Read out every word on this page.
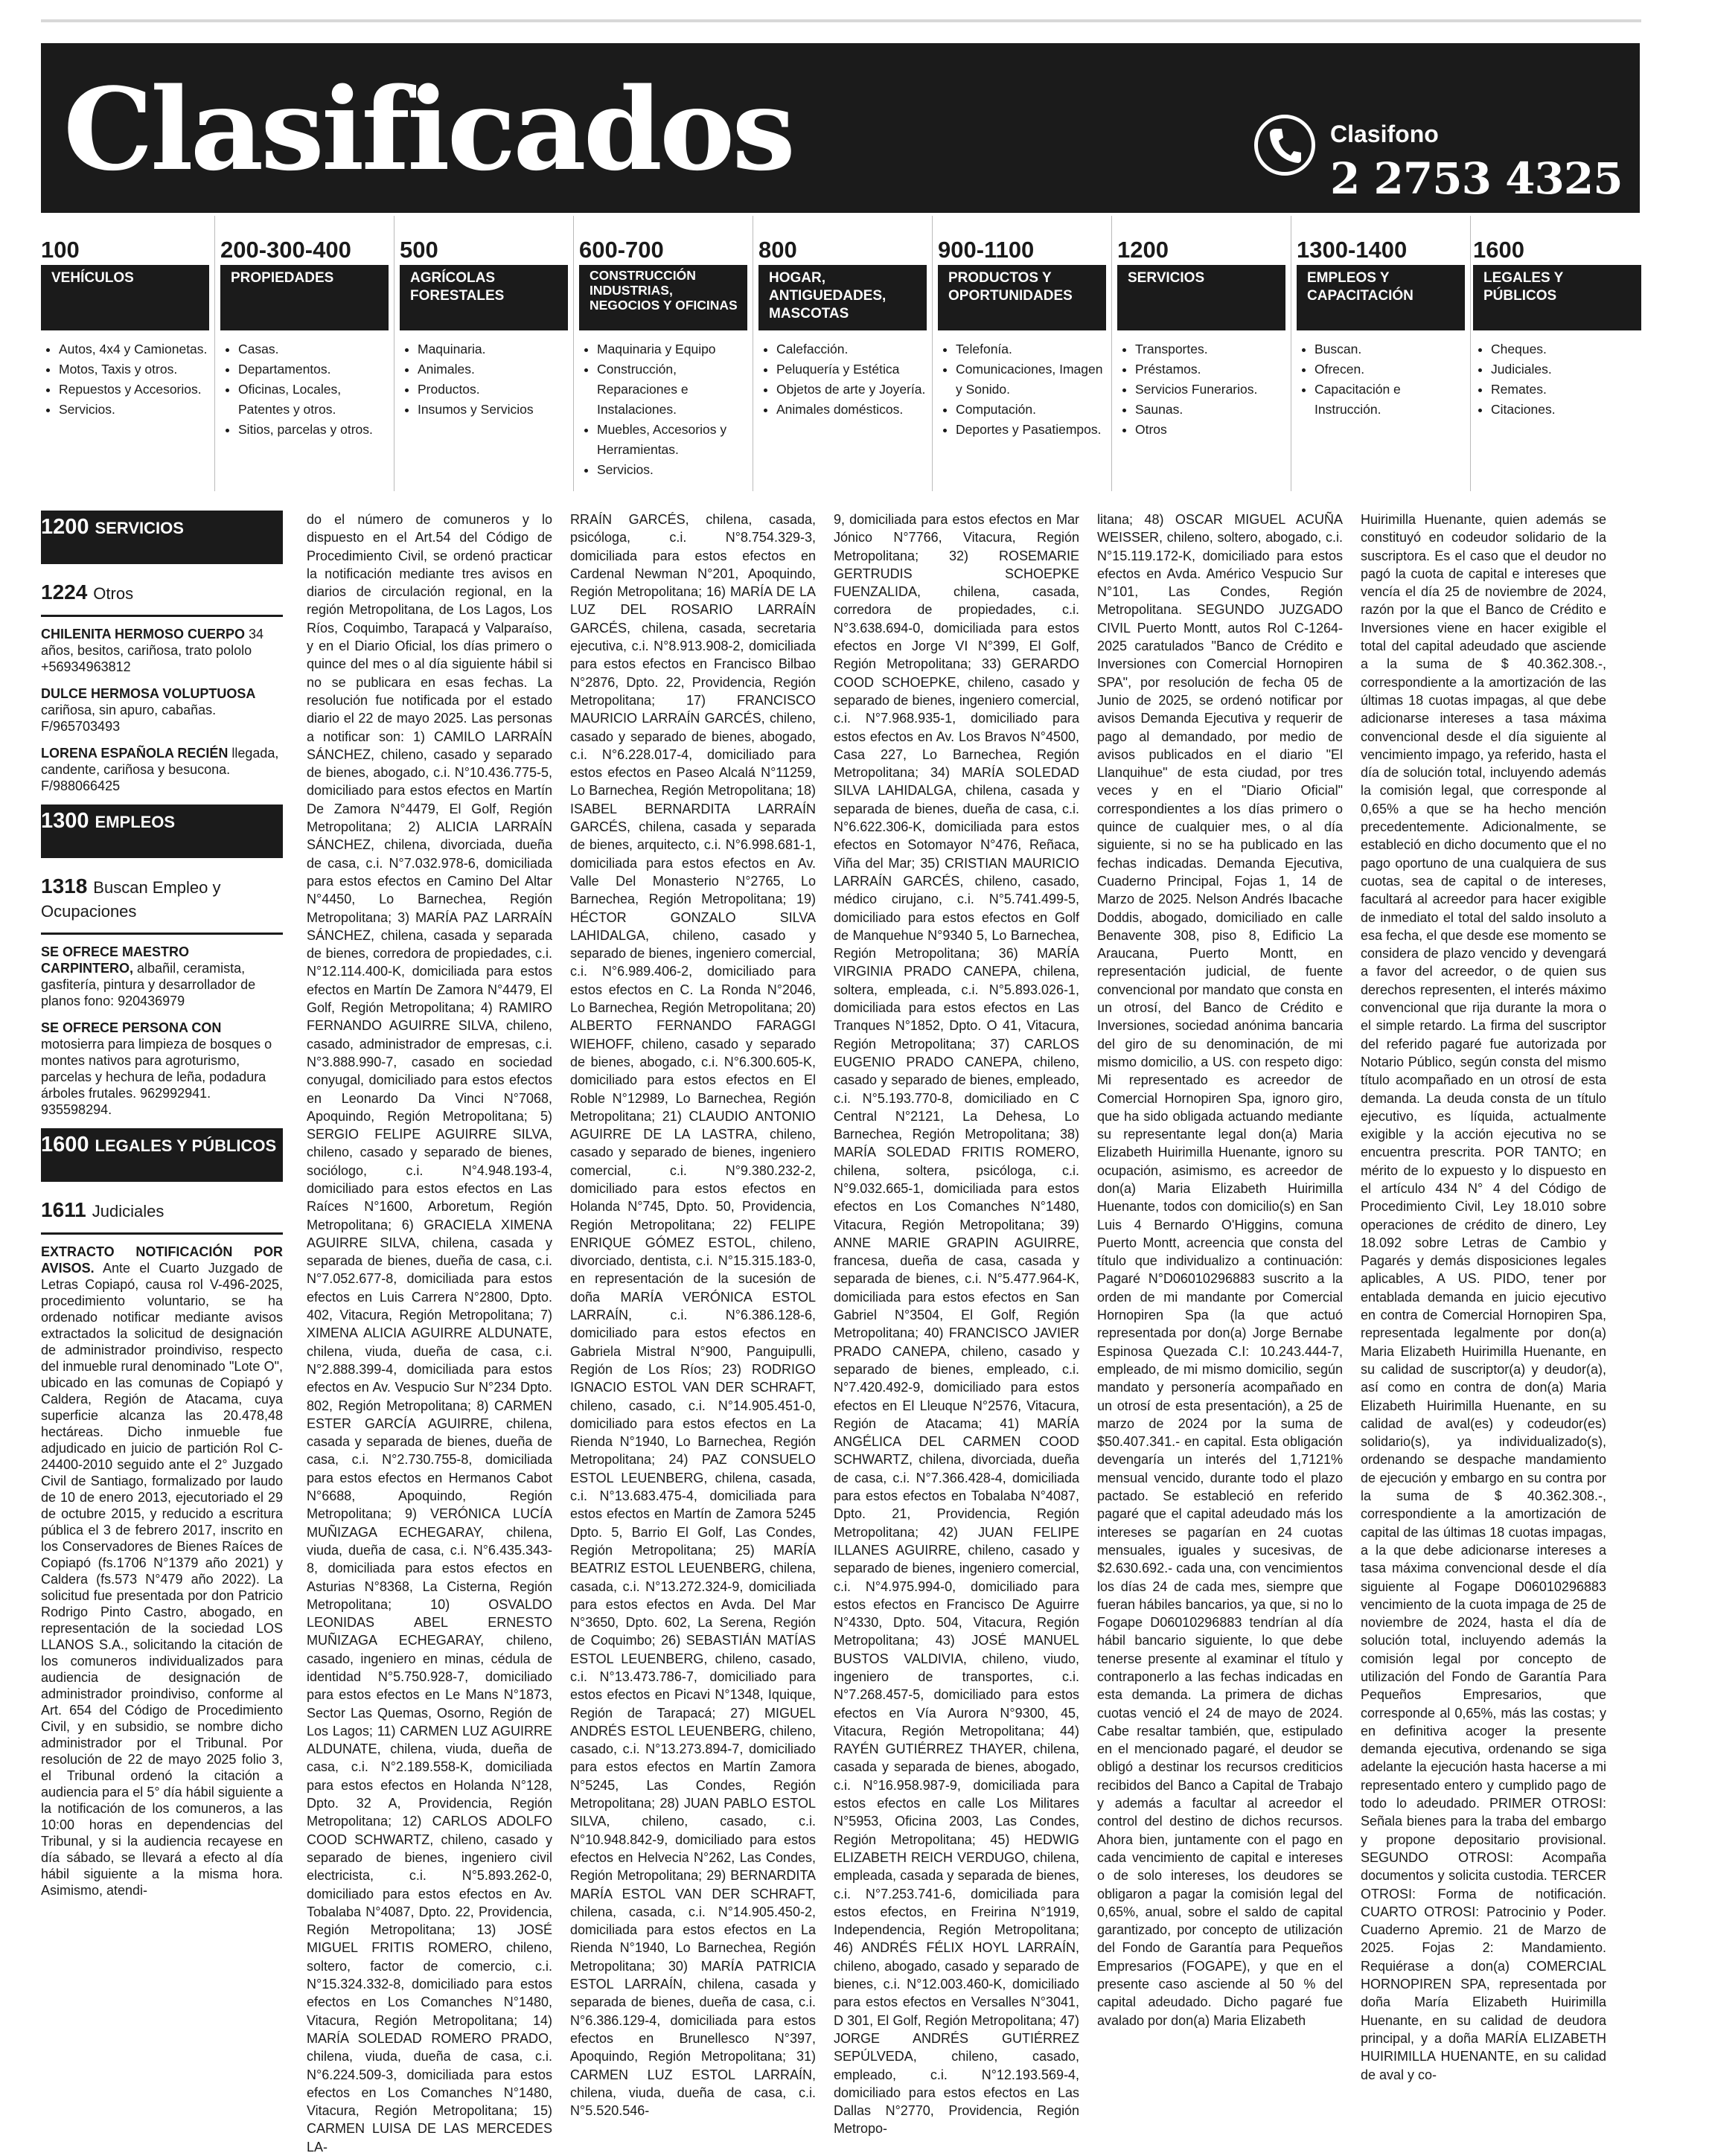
Clasificados	Clasifono
2 2753 4325
100
VEHÍCULOS
• Autos, 4x4 y Camionetas.
• Motos, Taxis y otros.
• Repuestos y Accesorios.
• Servicios.
200-300-400
PROPIEDADES
• Casas.
• Departamentos.
• Oficinas, Locales, Patentes y otros.
• Sitios, parcelas y otros.
500
AGRÍCOLAS FORESTALES
• Maquinaria.
• Animales.
• Productos.
• Insumos y Servicios
600-700
CONSTRUCCIÓN INDUSTRIAS, NEGOCIOS Y OFICINAS
• Maquinaria y Equipo
• Construcción, Reparaciones e Instalaciones.
• Muebles, Accesorios y Herramientas.
• Servicios.
800
HOGAR, ANTIGUEDADES, MASCOTAS
• Calefacción.
• Peluquería y Estética
• Objetos de arte y Joyería.
• Animales domésticos.
900-1100
PRODUCTOS Y OPORTUNIDADES
• Telefonía.
• Comunicaciones, Imagen y Sonido.
• Computación.
• Deportes y Pasatiempos.
1200
SERVICIOS
• Transportes.
• Préstamos.
• Servicios Funerarios.
• Saunas.
• Otros
1300-1400
EMPLEOS Y CAPACITACIÓN
• Buscan.
• Ofrecen.
• Capacitación e Instrucción.
1600
LEGALES Y PÚBLICOS
• Cheques.
• Judiciales.
• Remates.
• Citaciones.
1200 SERVICIOS
1224 Otros
CHILENITA HERMOSO CUERPO 34 años, besitos, cariñosa, trato pololo +56934963812
DULCE HERMOSA VOLUPTUOSA cariñosa, sin apuro, cabañas. F/965703493
LORENA ESPAÑOLA RECIÉN llegada, candente, cariñosa y besucona. F/988066425
1300 EMPLEOS
1318 Buscan Empleo y Ocupaciones
SE OFRECE MAESTRO CARPINTERO, albañil, ceramista, gasfitería, pintura y desarrollador de planos fono: 920436979
SE OFRECE PERSONA CON motosierra para limpieza de bosques o montes nativos para agroturismo, parcelas y hechura de leña, podadura árboles frutales. 962992941. 935598294.
1600 LEGALES Y PÚBLICOS
1611 Judiciales
EXTRACTO NOTIFICACIÓN POR AVISOS. Ante el Cuarto Juzgado de Letras Copiapó, causa rol V-496-2025, procedimiento voluntario, se ha ordenado notificar mediante avisos extractados la solicitud de designación de administrador proindiviso, respecto del inmueble rural denominado "Lote O", ubicado en las comunas de Copiapó y Caldera, Región de Atacama, cuya superficie alcanza las 20.478,48 hectáreas. Dicho inmueble fue adjudicado en juicio de partición Rol C-24400-2010 seguido ante el 2° Juzgado Civil de Santiago, formalizado por laudo de 10 de enero 2013, ejecutoriado el 29 de octubre 2015, y reducido a escritura pública el 3 de febrero 2017, inscrito en los Conservadores de Bienes Raíces de Copiapó (fs.1706 N°1379 año 2021) y Caldera (fs.573 N°479 año 2022). La solicitud fue presentada por don Patricio Rodrigo Pinto Castro, abogado, en representación de la sociedad LOS LLANOS S.A., solicitando la citación de los comuneros individualizados para audiencia de designación de administrador proindiviso, conforme al Art. 654 del Código de Procedimiento Civil, y en subsidio, se nombre dicho administrador por el Tribunal. Por resolución de 22 de mayo 2025 folio 3, el Tribunal ordenó la citación a audiencia para el 5° día hábil siguiente a la notificación de los comuneros, a las 10:00 horas en dependencias del Tribunal, y si la audiencia recayese en día sábado, se llevará a efecto al día hábil siguiente a la misma hora. Asimismo, atendi-

do el número de comuneros y lo dispuesto en el Art.54 del Código de Procedimiento Civil, se ordenó practicar la notificación mediante tres avisos en diarios de circulación regional, en la región Metropolitana, de Los Lagos, Los Ríos, Coquimbo, Tarapacá y Valparaíso, y en el Diario Oficial, los días primero o quince del mes o al día siguiente hábil si no se publicara en esas fechas. La resolución fue notificada por el estado diario el 22 de mayo 2025. Las personas a notificar son: 1) CAMILO LARRAÍN SÁNCHEZ, chileno, casado y separado de bienes, abogado, c.i. N°10.436.775-5, domiciliado para estos efectos en Martín De Zamora N°4479, El Golf, Región Metropolitana; 2) ALICIA LARRAÍN SÁNCHEZ, chilena, divorciada, dueña de casa, c.i. N°7.032.978-6, domiciliada para estos efectos en Camino Del Altar N°4450, Lo Barnechea, Región Metropolitana; 3) MARÍA PAZ LARRAÍN SÁNCHEZ, chilena, casada y separada de bienes, corredora de propiedades, c.i. N°12.114.400-K, domiciliada para estos efectos en Martín De Zamora N°4479, El Golf, Región Metropolitana; 4) RAMIRO FERNANDO AGUIRRE SILVA, chileno, casado, administrador de empresas, c.i. N°3.888.990-7, casado en sociedad conyugal, domiciliado para estos efectos en Leonardo Da Vinci N°7068, Apoquindo, Región Metropolitana; 5) SERGIO FELIPE AGUIRRE SILVA, chileno, casado y separado de bienes, sociólogo, c.i. N°4.948.193-4, domiciliado para estos efectos en Las Raíces N°1600, Arboretum, Región Metropolitana; 6) GRACIELA XIMENA AGUIRRE SILVA, chilena, casada y separada de bienes, dueña de casa, c.i. N°7.052.677-8, domiciliada para estos efectos en Luis Carrera N°2800, Dpto. 402, Vitacura, Región Metropolitana; 7) XIMENA ALICIA AGUIRRE ALDUNATE, chilena, viuda, dueña de casa, c.i. N°2.888.399-4, domiciliada para estos efectos en Av. Vespucio Sur N°234 Dpto. 802, Región Metropolitana; 8) CARMEN ESTER GARCÍA AGUIRRE, chilena, casada y separada de bienes, dueña de casa, c.i. N°2.730.755-8, domiciliada para estos efectos en Hermanos Cabot N°6688, Apoquindo, Región Metropolitana; 9) VERÓNICA LUCÍA MUÑIZAGA ECHEGARAY, chilena, viuda, dueña de casa, c.i. N°6.435.343-8, domiciliada para estos efectos en Asturias N°8368, La Cisterna, Región Metropolitana; 10) OSVALDO LEONIDAS ABEL ERNESTO MUÑIZAGA ECHEGARAY, chileno, casado, ingeniero en minas, cédula de identidad N°5.750.928-7, domiciliado para estos efectos en Le Mans N°1873, Sector Las Quemas, Osorno, Región de Los Lagos; 11) CARMEN LUZ AGUIRRE ALDUNATE, chilena, viuda, dueña de casa, c.i. N°2.189.558-K, domiciliada para estos efectos en Holanda N°128, Dpto. 32 A, Providencia, Región Metropolitana; 12) CARLOS ADOLFO COOD SCHWARTZ, chileno, casado y separado de bienes, ingeniero civil electricista, c.i. N°5.893.262-0, domiciliado para estos efectos en Av. Tobalaba N°4087, Dpto. 22, Providencia, Región Metropolitana; 13) JOSÉ MIGUEL FRITIS ROMERO, chileno, soltero, factor de comercio, c.i. N°15.324.332-8, domiciliado para estos efectos en Los Comanches N°1480, Vitacura, Región Metropolitana; 14) MARÍA SOLEDAD ROMERO PRADO, chilena, viuda, dueña de casa, c.i. N°6.224.509-3, domiciliada para estos efectos en Los Comanches N°1480, Vitacura, Región Metropolitana; 15) CARMEN LUISA DE LAS MERCEDES LA-

RRAÍN GARCÉS, chilena, casada, psicóloga, c.i. N°8.754.329-3, domiciliada para estos efectos en Cardenal Newman N°201, Apoquindo, Región Metropolitana; 16) MARÍA DE LA LUZ DEL ROSARIO LARRAÍN GARCÉS, chilena, casada, secretaria ejecutiva, c.i. N°8.913.908-2, domiciliada para estos efectos en Francisco Bilbao N°2876, Dpto. 22, Providencia, Región Metropolitana; 17) FRANCISCO MAURICIO LARRAÍN GARCÉS, chileno, casado y separado de bienes, abogado, c.i. N°6.228.017-4, domiciliado para estos efectos en Paseo Alcalá N°11259, Lo Barnechea, Región Metropolitana; 18) ISABEL BERNARDITA LARRAÍN GARCÉS, chilena, casada y separada de bienes, arquitecto, c.i. N°6.998.681-1, domiciliada para estos efectos en Av. Valle Del Monasterio N°2765, Lo Barnechea, Región Metropolitana; 19) HÉCTOR GONZALO SILVA LAHIDALGA, chileno, casado y separado de bienes, ingeniero comercial, c.i. N°6.989.406-2, domiciliado para estos efectos en C. La Ronda N°2046, Lo Barnechea, Región Metropolitana; 20) ALBERTO FERNANDO FARAGGI WIEHOFF, chileno, casado y separado de bienes, abogado, c.i. N°6.300.605-K, domiciliado para estos efectos en El Roble N°12989, Lo Barnechea, Región Metropolitana; 21) CLAUDIO ANTONIO AGUIRRE DE LA LASTRA, chileno, casado y separado de bienes, ingeniero comercial, c.i. N°9.380.232-2, domiciliado para estos efectos en Holanda N°745, Dpto. 50, Providencia, Región Metropolitana; 22) FELIPE ENRIQUE GÓMEZ ESTOL, chileno, divorciado, dentista, c.i. N°15.315.183-0, en representación de la sucesión de doña MARÍA VERÓNICA ESTOL LARRAÍN, c.i. N°6.386.128-6, domiciliado para estos efectos en Gabriela Mistral N°900, Panguipulli, Región de Los Ríos; 23) RODRIGO IGNACIO ESTOL VAN DER SCHRAFT, chileno, casado, c.i. N°14.905.451-0, domiciliado para estos efectos en La Rienda N°1940, Lo Barnechea, Región Metropolitana; 24) PAZ CONSUELO ESTOL LEUENBERG, chilena, casada, c.i. N°13.683.475-4, domiciliada para estos efectos en Martín de Zamora 5245 Dpto. 5, Barrio El Golf, Las Condes, Región Metropolitana; 25) MARÍA BEATRIZ ESTOL LEUENBERG, chilena, casada, c.i. N°13.272.324-9, domiciliada para estos efectos en Avda. Del Mar N°3650, Dpto. 602, La Serena, Región de Coquimbo; 26) SEBASTIÁN MATÍAS ESTOL LEUENBERG, chileno, casado, c.i. N°13.473.786-7, domiciliado para estos efectos en Picavi N°1348, Iquique, Región de Tarapacá; 27) MIGUEL ANDRÉS ESTOL LEUENBERG, chileno, casado, c.i. N°13.273.894-7, domiciliado para estos efectos en Martín Zamora N°5245, Las Condes, Región Metropolitana; 28) JUAN PABLO ESTOL SILVA, chileno, casado, c.i. N°10.948.842-9, domiciliado para estos efectos en Helvecia N°262, Las Condes, Región Metropolitana; 29) BERNARDITA MARÍA ESTOL VAN DER SCHRAFT, chilena, casada, c.i. N°14.905.450-2, domiciliada para estos efectos en La Rienda N°1940, Lo Barnechea, Región Metropolitana; 30) MARÍA PATRICIA ESTOL LARRAÍN, chilena, casada y separada de bienes, dueña de casa, c.i. N°6.386.129-4, domiciliada para estos efectos en Brunellesco N°397, Apoquindo, Región Metropolitana; 31) CARMEN LUZ ESTOL LARRAÍN, chilena, viuda, dueña de casa, c.i. N°5.520.546-

9, domiciliada para estos efectos en Mar Jónico N°7766, Vitacura, Región Metropolitana; 32) ROSEMARIE GERTRUDIS SCHOEPKE FUENZALIDA, chilena, casada, corredora de propiedades, c.i. N°3.638.694-0, domiciliada para estos efectos en Jorge VI N°399, El Golf, Región Metropolitana; 33) GERARDO COOD SCHOEPKE, chileno, casado y separado de bienes, ingeniero comercial, c.i. N°7.968.935-1, domiciliado para estos efectos en Av. Los Bravos N°4500, Casa 227, Lo Barnechea, Región Metropolitana; 34) MARÍA SOLEDAD SILVA LAHIDALGA, chilena, casada y separada de bienes, dueña de casa, c.i. N°6.622.306-K, domiciliada para estos efectos en Sotomayor N°476, Reñaca, Viña del Mar; 35) CRISTIAN MAURICIO LARRAÍN GARCÉS, chileno, casado, médico cirujano, c.i. N°5.741.499-5, domiciliado para estos efectos en Golf de Manquehue N°9340 5, Lo Barnechea, Región Metropolitana; 36) MARÍA VIRGINIA PRADO CANEPA, chilena, soltera, empleada, c.i. N°5.893.026-1, domiciliada para estos efectos en Las Tranques N°1852, Dpto. O 41, Vitacura, Región Metropolitana; 37) CARLOS EUGENIO PRADO CANEPA, chileno, casado y separado de bienes, empleado, c.i. N°5.193.770-8, domiciliado en C Central N°2121, La Dehesa, Lo Barnechea, Región Metropolitana; 38) MARÍA SOLEDAD FRITIS ROMERO, chilena, soltera, psicóloga, c.i. N°9.032.665-1, domiciliada para estos efectos en Los Comanches N°1480, Vitacura, Región Metropolitana; 39) ANNE MARIE GRAPIN AGUIRRE, francesa, dueña de casa, casada y separada de bienes, c.i. N°5.477.964-K, domiciliada para estos efectos en San Gabriel N°3504, El Golf, Región Metropolitana; 40) FRANCISCO JAVIER PRADO CANEPA, chileno, casado y separado de bienes, empleado, c.i. N°7.420.492-9, domiciliado para estos efectos en El Lleuque N°2576, Vitacura, Región de Atacama; 41) MARÍA ANGÉLICA DEL CARMEN COOD SCHWARTZ, chilena, divorciada, dueña de casa, c.i. N°7.366.428-4, domiciliada para estos efectos en Tobalaba N°4087, Dpto. 21, Providencia, Región Metropolitana; 42) JUAN FELIPE ILLANES AGUIRRE, chileno, casado y separado de bienes, ingeniero comercial, c.i. N°4.975.994-0, domiciliado para estos efectos en Francisco De Aguirre N°4330, Dpto. 504, Vitacura, Región Metropolitana; 43) JOSÉ MANUEL BUSTOS VALDIVIA, chileno, viudo, ingeniero de transportes, c.i. N°7.268.457-5, domiciliado para estos efectos en Vía Aurora N°9300, 45, Vitacura, Región Metropolitana; 44) RAYÉN GUTIÉRREZ THAYER, chilena, casada y separada de bienes, abogado, c.i. N°16.958.987-9, domiciliada para estos efectos en calle Los Militares N°5953, Oficina 2003, Las Condes, Región Metropolitana; 45) HEDWIG ELIZABETH REICH VERDUGO, chilena, empleada, casada y separada de bienes, c.i. N°7.253.741-6, domiciliada para estos efectos, en Freirina N°1919, Independencia, Región Metropolitana; 46) ANDRÉS FÉLIX HOYL LARRAÍN, chileno, abogado, casado y separado de bienes, c.i. N°12.003.460-K, domiciliado para estos efectos en Versalles N°3041, D 301, El Golf, Región Metropolitana; 47) JORGE ANDRÉS GUTIÉRREZ SEPÚLVEDA, chileno, casado, empleado, c.i. N°12.193.569-4, domiciliado para estos efectos en Las Dallas N°2770, Providencia, Región Metropo-

litana; 48) OSCAR MIGUEL ACUÑA WEISSER, chileno, soltero, abogado, c.i. N°15.119.172-K, domiciliado para estos efectos en Avda. Américo Vespucio Sur N°101, Las Condes, Región Metropolitana. SEGUNDO JUZGADO CIVIL Puerto Montt, autos Rol C-1264-2025 caratulados "Banco de Crédito e Inversiones con Comercial Hornopiren SPA", por resolución de fecha 05 de Junio de 2025, se ordenó notificar por avisos Demanda Ejecutiva y requerir de pago al demandado, por medio de avisos publicados en el diario "El Llanquihue" de esta ciudad, por tres veces y en el "Diario Oficial" correspondientes a los días primero o quince de cualquier mes, o al día siguiente, si no se ha publicado en las fechas indicadas. Demanda Ejecutiva, Cuaderno Principal, Fojas 1, 14 de Marzo de 2025. Nelson Andrés Ibacache Doddis, abogado, domiciliado en calle Benavente 308, piso 8, Edificio La Araucana, Puerto Montt, en representación judicial, de fuente convencional por mandato que consta en un otrosí, del Banco de Crédito e Inversiones, sociedad anónima bancaria del giro de su denominación, de mi mismo domicilio, a US. con respeto digo: Mi representado es acreedor de Comercial Hornopiren Spa, ignoro giro, que ha sido obligada actuando mediante su representante legal don(a) Maria Elizabeth Huirimilla Huenante, ignoro su ocupación, asimismo, es acreedor de don(a) Maria Elizabeth Huirimilla Huenante, todos con domicilio(s) en San Luis 4 Bernardo O'Higgins, comuna Puerto Montt, acreencia que consta del título que individualizo a continuación: Pagaré N°D06010296883 suscrito a la orden de mi mandante por Comercial Hornopiren Spa (la que actuó representada por don(a) Jorge Bernabe Espinosa Quezada C.I: 10.243.444-7, empleado, de mi mismo domicilio, según mandato y personería acompañado en un otrosí de esta presentación), a 25 de marzo de 2024 por la suma de $50.407.341.- en capital. Esta obligación devengaría un interés del 1,7121% mensual vencido, durante todo el plazo pactado. Se estableció en referido pagaré que el capital adeudado más los intereses se pagarían en 24 cuotas mensuales, iguales y sucesivas, de $2.630.692.- cada una, con vencimientos los días 24 de cada mes, siempre que fueran hábiles bancarios, ya que, si no lo Fogape D06010296883 tendrían al día hábil bancario siguiente, lo que debe tenerse presente al examinar el título y contraponerlo a las fechas indicadas en esta demanda. La primera de dichas cuotas venció el 24 de mayo de 2024. Cabe resaltar también, que, estipulado en el mencionado pagaré, el deudor se obligó a destinar los recursos crediticios recibidos del Banco a Capital de Trabajo y además a facultar al acreedor el control del destino de dichos recursos. Ahora bien, juntamente con el pago en cada vencimiento de capital e intereses o de solo intereses, los deudores se obligaron a pagar la comisión legal del 0,65%, anual, sobre el saldo de capital garantizado, por concepto de utilización del Fondo de Garantía para Pequeños Empresarios (FOGAPE), y que en el presente caso asciende al 50 % del capital adeudado. Dicho pagaré fue avalado por don(a) Maria Elizabeth

Huirimilla Huenante, quien además se constituyó en codeudor solidario de la suscriptora. Es el caso que el deudor no pagó la cuota de capital e intereses que vencía el día 25 de noviembre de 2024, razón por la que el Banco de Crédito e Inversiones viene en hacer exigible el total del capital adeudado que asciende a la suma de $ 40.362.308.-, correspondiente a la amortización de las últimas 18 cuotas impagas, al que debe adicionarse intereses a tasa máxima convencional desde el día siguiente al vencimiento impago, ya referido, hasta el día de solución total, incluyendo además la comisión legal, que corresponde al 0,65% a que se ha hecho mención precedentemente. Adicionalmente, se estableció en dicho documento que el no pago oportuno de una cualquiera de sus cuotas, sea de capital o de intereses, facultará al acreedor para hacer exigible de inmediato el total del saldo insoluto a esa fecha, el que desde ese momento se considera de plazo vencido y devengará a favor del acreedor, o de quien sus derechos representen, el interés máximo convencional que rija durante la mora o el simple retardo. La firma del suscriptor del referido pagaré fue autorizada por Notario Público, según consta del mismo título acompañado en un otrosí de esta demanda. La deuda consta de un título ejecutivo, es líquida, actualmente exigible y la acción ejecutiva no se encuentra prescrita. POR TANTO; en mérito de lo expuesto y lo dispuesto en el artículo 434 N° 4 del Código de Procedimiento Civil, Ley 18.010 sobre operaciones de crédito de dinero, Ley 18.092 sobre Letras de Cambio y Pagarés y demás disposiciones legales aplicables, A US. PIDO, tener por entablada demanda en juicio ejecutivo en contra de Comercial Hornopiren Spa, representada legalmente por don(a) Maria Elizabeth Huirimilla Huenante, en su calidad de suscriptor(a) y deudor(a), así como en contra de don(a) Maria Elizabeth Huirimilla Huenante, en su calidad de aval(es) y codeudor(es) solidario(s), ya individualizado(s), ordenando se despache mandamiento de ejecución y embargo en su contra por la suma de $ 40.362.308.-, correspondiente a la amortización de capital de las últimas 18 cuotas impagas, a la que debe adicionarse intereses a tasa máxima convencional desde el día siguiente al Fogape D06010296883 vencimiento de la cuota impaga de 25 de noviembre de 2024, hasta el día de solución total, incluyendo además la comisión legal por concepto de utilización del Fondo de Garantía Para Pequeños Empresarios, que corresponde al 0,65%, más las costas; y en definitiva acoger la presente demanda ejecutiva, ordenando se siga adelante la ejecución hasta hacerse a mi representado entero y cumplido pago de todo lo adeudado. PRIMER OTROSI: Señala bienes para la traba del embargo y propone depositario provisional. SEGUNDO OTROSI: Acompaña documentos y solicita custodia. TERCER OTROSI: Forma de notificación. CUARTO OTROSI: Patrocinio y Poder. Cuaderno Apremio. 21 de Marzo de 2025. Fojas 2: Mandamiento. Requiérase a don(a) COMERCIAL HORNOPIREN SPA, representada por doña María Elizabeth Huirimilla Huenante, en su calidad de deudora principal, y a doña MARÍA ELIZABETH HUIRIMILLA HUENANTE, en su calidad de aval y co-
